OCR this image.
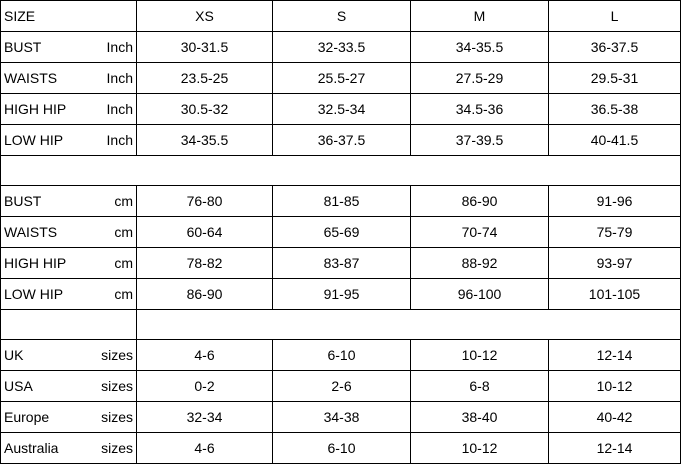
SIZE	XS	S	M	L

BUST Inch	30-31.5	32-33.5	34-35.5	36-37.5

WAISTS Inch	23.5-25	25.5-27	27.5-29	29.5-31

HIGH HIP Inch	30.5-32	32.5-34	34.5-36	36.5-38

LOW HIP Inch	34-35.5	36-37.5	37-39.5	40-41.5

BUST cm	76-80	81-85	86-90	91-96

WAISTS cm	60-64	65-69	70-74	75-79

HIGH HIP cm	78-82	83-87	88-92	93-97

LOW HIP cm	86-90	91-95	96-100	101-105

UK sizes	4-6	6-10	10-12	12-14

USA sizes	0-2	2-6	6-8	10-12

Europe sizes	32-34	34-38	38-40	40-42

Australia sizes	4-6	6-10	10-12	12-14
